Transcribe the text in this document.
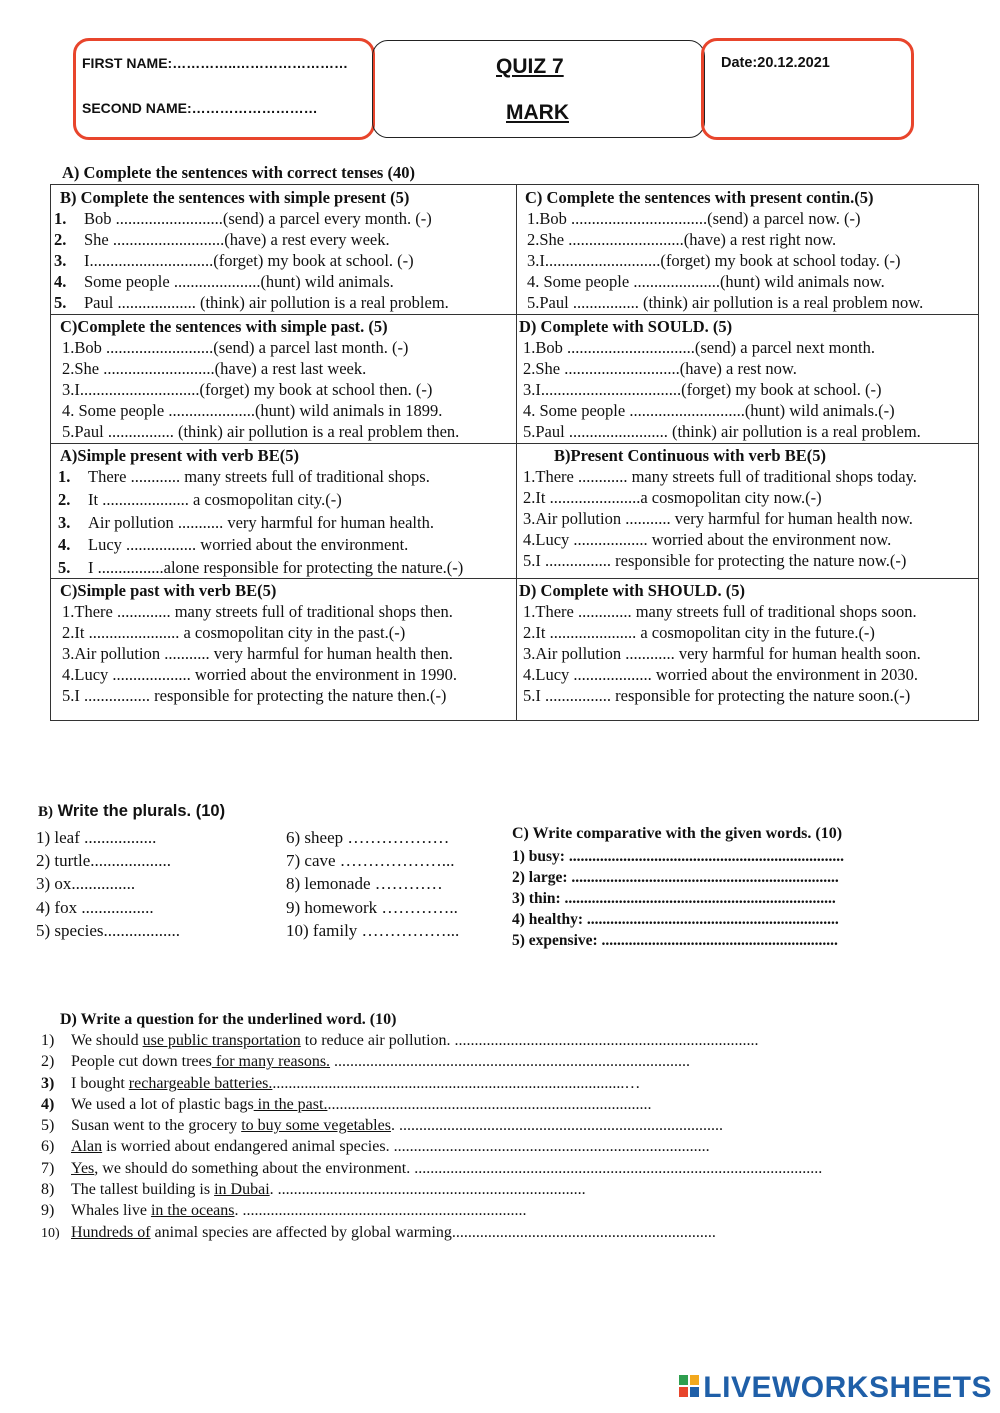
FIRST NAME:…………..……………………
SECOND NAME:………………………
QUIZ 7
MARK
Date:20.12.2021
A) Complete the sentences with correct tenses (40)
B) Complete the sentences with simple present (5)
1. Bob ..........................(send) a parcel every month. (-)
2. She ...........................(have) a rest every week.
3. I..............................(forget) my book at school. (-)
4. Some people .....................(hunt) wild animals.
5. Paul ................... (think) air pollution is a real problem.
C) Complete the sentences with present contin.(5)
1.Bob .................................(send) a parcel now. (-)
2.She ............................(have) a rest right now.
3.I............................(forget) my book at school today. (-)
4. Some people .....................(hunt) wild animals now.
5.Paul ................ (think) air pollution is a real problem now.
C)Complete the sentences with simple past. (5)
1.Bob ..........................(send) a parcel last month. (-)
2.She ...........................(have) a rest last week.
3.I.............................(forget) my book at school then. (-)
4. Some people .....................(hunt) wild animals in 1899.
5.Paul ................ (think) air pollution is a real problem then.
D) Complete with SOULD. (5)
1.Bob ...............................(send) a parcel next month.
2.She ............................(have) a rest now.
3.I..................................(forget) my book at school. (-)
4. Some people ............................(hunt) wild animals.(-)
5.Paul ........................ (think) air pollution is a real problem.
A)Simple present with verb BE(5)
1. There ............ many streets full of traditional shops.
2. It ..................... a cosmopolitan city.(-)
3. Air pollution ........... very harmful for human health.
4. Lucy ................. worried about the environment.
5. I ................alone responsible for protecting the nature.(-)
B)Present Continuous with verb BE(5)
1.There ............ many streets full of traditional shops today.
2.It ......................a cosmopolitan city now.(-)
3.Air pollution ........... very harmful for human health now.
4.Lucy .................. worried about the environment now.
5.I ................ responsible for protecting the nature now.(-)
C)Simple past with verb BE(5)
1.There ............. many streets full of traditional shops then.
2.It ...................... a cosmopolitan city in the past.(-)
3.Air pollution ........... very harmful for human health then.
4.Lucy ................... worried about the environment in 1990.
5.I ................ responsible for protecting the nature then.(-)
D) Complete with SHOULD. (5)
1.There ............. many streets full of traditional shops soon.
2.It ..................... a cosmopolitan city in the future.(-)
3.Air pollution ............ very harmful for human health soon.
4.Lucy ................... worried about the environment in 2030.
5.I ................ responsible for protecting the nature soon.(-)
B) Write the plurals. (10)
1) leaf .................
2) turtle...................
3) ox...............
4) fox .................
5) species..................
6) sheep ………………
7) cave ………………...
8) lemonade …………
9) homework …………..
10) family ……………...
C) Write comparative with the given words. (10)
1) busy: .......................................................................
2) large: .....................................................................
3) thin: ......................................................................
4) healthy: .................................................................
5) expensive: .............................................................
D) Write a question for the underlined word. (10)
1) We should use public transportation to reduce air pollution. ............................................................................
2) People cut down trees for many reasons. .........................................................................................
3) I bought rechargeable batteries.........................................................................................…
4) We used a lot of plastic bags in the past..................................................................................
5) Susan went to the grocery to buy some vegetables. .................................................................................
6) Alan is worried about endangered animal species. ...............................................................................
7) Yes, we should do something about the environment. ......................................................................................................
8) The tallest building is in Dubai. .............................................................................
9) Whales live in the oceans. .......................................................................
10) Hundreds of animal species are affected by global warming..................................................................
LIVEWORKSHEETS
